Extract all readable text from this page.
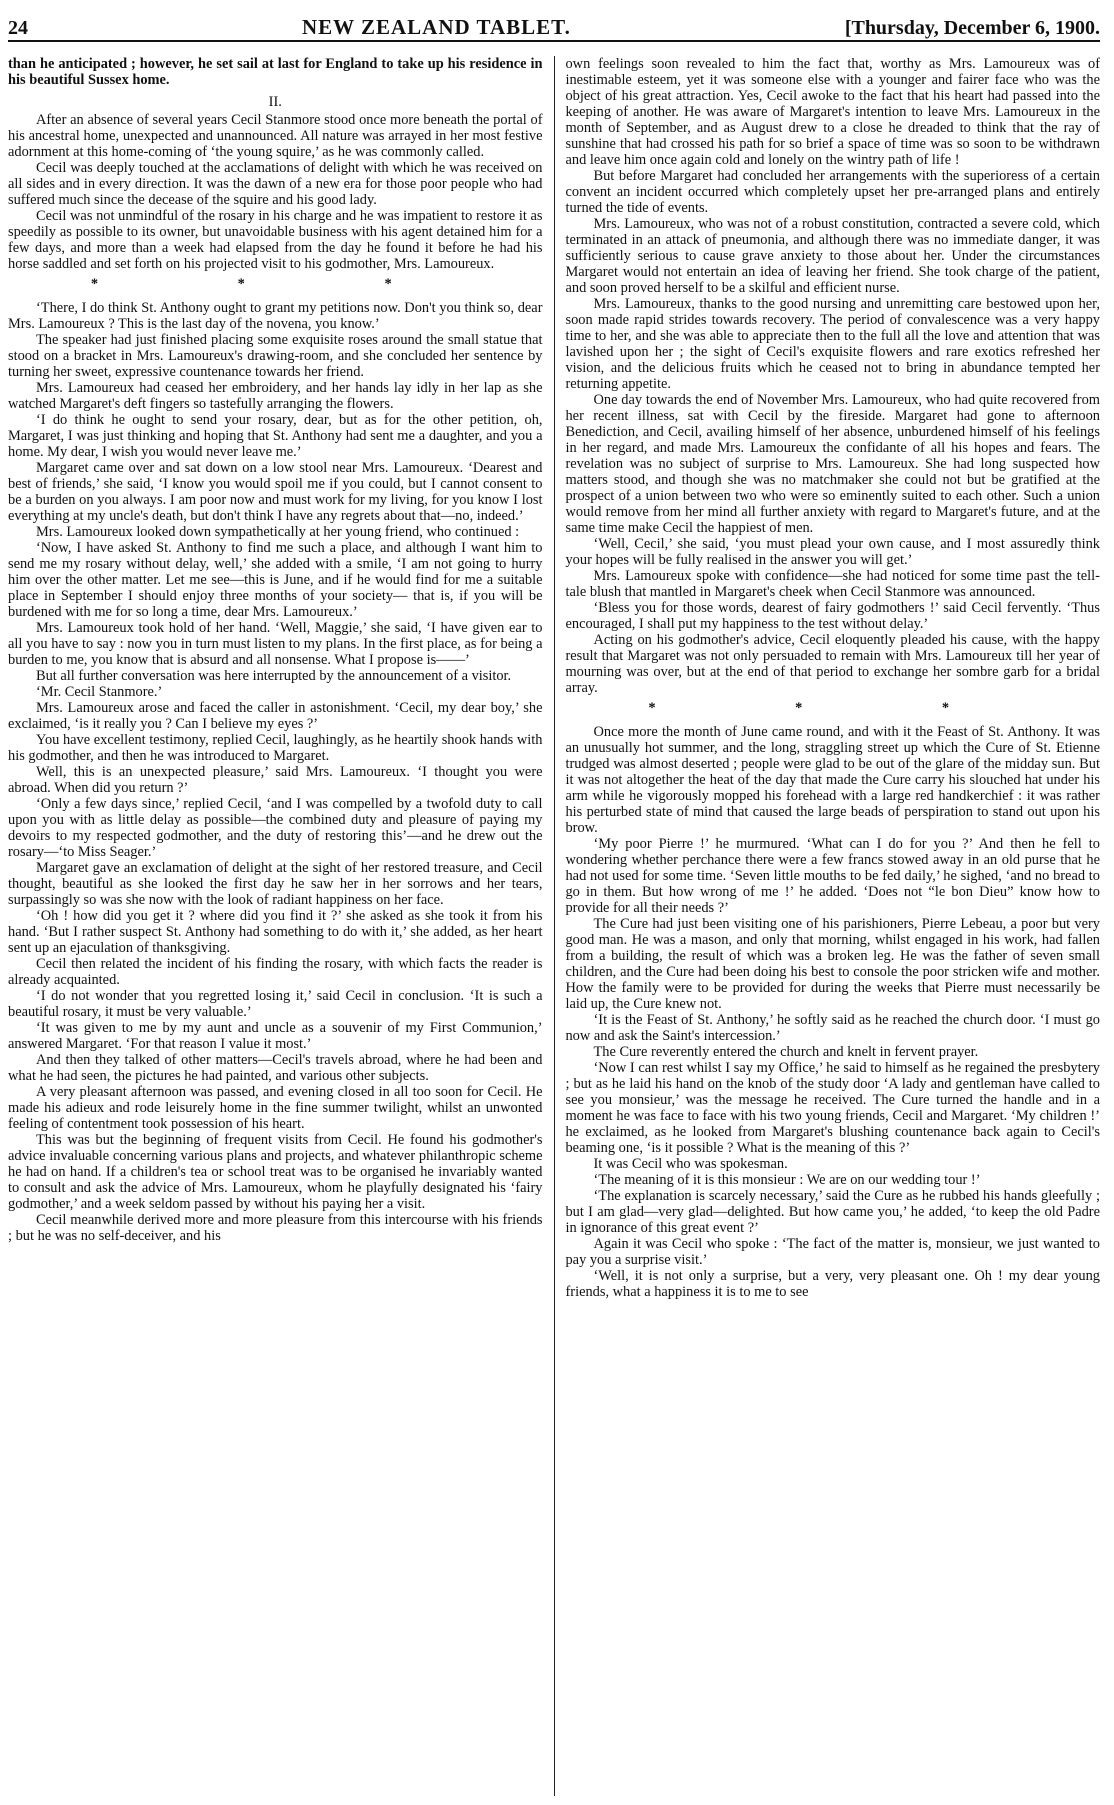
24	NEW ZEALAND TABLET.	[Thursday, December 6, 1900.

than he anticipated ; however, he set sail at last for England to take up his residence in his beautiful Sussex home.

II.

After an absence of several years Cecil Stanmore stood once more beneath the portal of his ancestral home, unexpected and unannounced. All nature was arrayed in her most festive adornment at this home-coming of ‘the young squire,’ as he was commonly called.

Cecil was deeply touched at the acclamations of delight with which he was received on all sides and in every direction. It was the dawn of a new era for those poor people who had suffered much since the decease of the squire and his good lady.

Cecil was not unmindful of the rosary in his charge and he was impatient to restore it as speedily as possible to its owner, but unavoidable business with his agent detained him for a few days, and more than a week had elapsed from the day he found it before he had his horse saddled and set forth on his projected visit to his godmother, Mrs. Lamoureux.

* * *

‘There, I do think St. Anthony ought to grant my petitions now. Don't you think so, dear Mrs. Lamoureux ? This is the last day of the novena, you know.’

The speaker had just finished placing some exquisite roses around the small statue that stood on a bracket in Mrs. Lamoureux's drawing-room, and she concluded her sentence by turning her sweet, expressive countenance towards her friend.

Mrs. Lamoureux had ceased her embroidery, and her hands lay idly in her lap as she watched Margaret's deft fingers so tastefully arranging the flowers.

‘I do think he ought to send your rosary, dear, but as for the other petition, oh, Margaret, I was just thinking and hoping that St. Anthony had sent me a daughter, and you a home. My dear, I wish you would never leave me.’

Margaret came over and sat down on a low stool near Mrs. Lamoureux. ‘Dearest and best of friends,’ she said, ‘I know you would spoil me if you could, but I cannot consent to be a burden on you always. I am poor now and must work for my living, for you know I lost everything at my uncle's death, but don't think I have any regrets about that—no, indeed.’

Mrs. Lamoureux looked down sympathetically at her young friend, who continued :

‘Now, I have asked St. Anthony to find me such a place, and although I want him to send me my rosary without delay, well,’ she added with a smile, ‘I am not going to hurry him over the other matter. Let me see—this is June, and if he would find for me a suitable place in September I should enjoy three months of your society— that is, if you will be burdened with me for so long a time, dear Mrs. Lamoureux.’

Mrs. Lamoureux took hold of her hand. ‘Well, Maggie,’ she said, ‘I have given ear to all you have to say : now you in turn must listen to my plans. In the first place, as for being a burden to me, you know that is absurd and all nonsense. What I propose is——’

But all further conversation was here interrupted by the announcement of a visitor.

‘Mr. Cecil Stanmore.’

Mrs. Lamoureux arose and faced the caller in astonishment. ‘Cecil, my dear boy,’ she exclaimed, ‘is it really you ? Can I believe my eyes ?’

You have excellent testimony, replied Cecil, laughingly, as he heartily shook hands with his godmother, and then he was introduced to Margaret.

Well, this is an unexpected pleasure,’ said Mrs. Lamoureux. ‘I thought you were abroad. When did you return ?’

‘Only a few days since,’ replied Cecil, ‘and I was compelled by a twofold duty to call upon you with as little delay as possible—the combined duty and pleasure of paying my devoirs to my respected godmother, and the duty of restoring this’—and he drew out the rosary—‘to Miss Seager.’

Margaret gave an exclamation of delight at the sight of her restored treasure, and Cecil thought, beautiful as she looked the first day he saw her in her sorrows and her tears, surpassingly so was she now with the look of radiant happiness on her face.

‘Oh ! how did you get it ? where did you find it ?’ she asked as she took it from his hand. ‘But I rather suspect St. Anthony had something to do with it,’ she added, as her heart sent up an ejaculation of thanksgiving.

Cecil then related the incident of his finding the rosary, with which facts the reader is already acquainted.

‘I do not wonder that you regretted losing it,’ said Cecil in conclusion. ‘It is such a beautiful rosary, it must be very valuable.’

‘It was given to me by my aunt and uncle as a souvenir of my First Communion,’ answered Margaret. ‘For that reason I value it most.’

And then they talked of other matters—Cecil's travels abroad, where he had been and what he had seen, the pictures he had painted, and various other subjects.

A very pleasant afternoon was passed, and evening closed in all too soon for Cecil. He made his adieux and rode leisurely home in the fine summer twilight, whilst an unwonted feeling of contentment took possession of his heart.

This was but the beginning of frequent visits from Cecil. He found his godmother's advice invaluable concerning various plans and projects, and whatever philanthropic scheme he had on hand. If a children's tea or school treat was to be organised he invariably wanted to consult and ask the advice of Mrs. Lamoureux, whom he playfully designated his ‘fairy godmother,’ and a week seldom passed by without his paying her a visit.

Cecil meanwhile derived more and more pleasure from this intercourse with his friends ; but he was no self-deceiver, and his

own feelings soon revealed to him the fact that, worthy as Mrs. Lamoureux was of inestimable esteem, yet it was someone else with a younger and fairer face who was the object of his great attraction. Yes, Cecil awoke to the fact that his heart had passed into the keeping of another. He was aware of Margaret's intention to leave Mrs. Lamoureux in the month of September, and as August drew to a close he dreaded to think that the ray of sunshine that had crossed his path for so brief a space of time was so soon to be withdrawn and leave him once again cold and lonely on the wintry path of life !

But before Margaret had concluded her arrangements with the superioress of a certain convent an incident occurred which completely upset her pre-arranged plans and entirely turned the tide of events.

Mrs. Lamoureux, who was not of a robust constitution, contracted a severe cold, which terminated in an attack of pneumonia, and although there was no immediate danger, it was sufficiently serious to cause grave anxiety to those about her. Under the circumstances Margaret would not entertain an idea of leaving her friend. She took charge of the patient, and soon proved herself to be a skilful and efficient nurse.

Mrs. Lamoureux, thanks to the good nursing and unremitting care bestowed upon her, soon made rapid strides towards recovery. The period of convalescence was a very happy time to her, and she was able to appreciate then to the full all the love and attention that was lavished upon her ; the sight of Cecil's exquisite flowers and rare exotics refreshed her vision, and the delicious fruits which he ceased not to bring in abundance tempted her returning appetite.

One day towards the end of November Mrs. Lamoureux, who had quite recovered from her recent illness, sat with Cecil by the fireside. Margaret had gone to afternoon Benediction, and Cecil, availing himself of her absence, unburdened himself of his feelings in her regard, and made Mrs. Lamoureux the confidante of all his hopes and fears. The revelation was no subject of surprise to Mrs. Lamoureux. She had long suspected how matters stood, and though she was no matchmaker she could not but be gratified at the prospect of a union between two who were so eminently suited to each other. Such a union would remove from her mind all further anxiety with regard to Margaret's future, and at the same time make Cecil the happiest of men.

‘Well, Cecil,’ she said, ‘you must plead your own cause, and I most assuredly think your hopes will be fully realised in the answer you will get.’

Mrs. Lamoureux spoke with confidence—she had noticed for some time past the tell-tale blush that mantled in Margaret's cheek when Cecil Stanmore was announced.

‘Bless you for those words, dearest of fairy godmothers !’ said Cecil fervently. ‘Thus encouraged, I shall put my happiness to the test without delay.’

Acting on his godmother's advice, Cecil eloquently pleaded his cause, with the happy result that Margaret was not only persuaded to remain with Mrs. Lamoureux till her year of mourning was over, but at the end of that period to exchange her sombre garb for a bridal array.

* * *

Once more the month of June came round, and with it the Feast of St. Anthony. It was an unusually hot summer, and the long, straggling street up which the Cure of St. Etienne trudged was almost deserted ; people were glad to be out of the glare of the midday sun. But it was not altogether the heat of the day that made the Cure carry his slouched hat under his arm while he vigorously mopped his forehead with a large red handkerchief : it was rather his perturbed state of mind that caused the large beads of perspiration to stand out upon his brow.

‘My poor Pierre !’ he murmured. ‘What can I do for you ?’ And then he fell to wondering whether perchance there were a few francs stowed away in an old purse that he had not used for some time. ‘Seven little mouths to be fed daily,’ he sighed, ‘and no bread to go in them. But how wrong of me !’ he added. ‘Does not “le bon Dieu” know how to provide for all their needs ?’

The Cure had just been visiting one of his parishioners, Pierre Lebeau, a poor but very good man. He was a mason, and only that morning, whilst engaged in his work, had fallen from a building, the result of which was a broken leg. He was the father of seven small children, and the Cure had been doing his best to console the poor stricken wife and mother. How the family were to be provided for during the weeks that Pierre must necessarily be laid up, the Cure knew not.

‘It is the Feast of St. Anthony,’ he softly said as he reached the church door. ‘I must go now and ask the Saint's intercession.’

The Cure reverently entered the church and knelt in fervent prayer.

‘Now I can rest whilst I say my Office,’ he said to himself as he regained the presbytery ; but as he laid his hand on the knob of the study door ‘A lady and gentleman have called to see you monsieur,’ was the message he received. The Cure turned the handle and in a moment he was face to face with his two young friends, Cecil and Margaret. ‘My children !’ he exclaimed, as he looked from Margaret's blushing countenance back again to Cecil's beaming one, ‘is it possible ? What is the meaning of this ?’

It was Cecil who was spokesman.

‘The meaning of it is this monsieur : We are on our wedding tour !’

‘The explanation is scarcely necessary,’ said the Cure as he rubbed his hands gleefully ; but I am glad—very glad—delighted. But how came you,’ he added, ‘to keep the old Padre in ignorance of this great event ?’

Again it was Cecil who spoke : ‘The fact of the matter is, monsieur, we just wanted to pay you a surprise visit.’

‘Well, it is not only a surprise, but a very, very pleasant one. Oh ! my dear young friends, what a happiness it is to me to see
